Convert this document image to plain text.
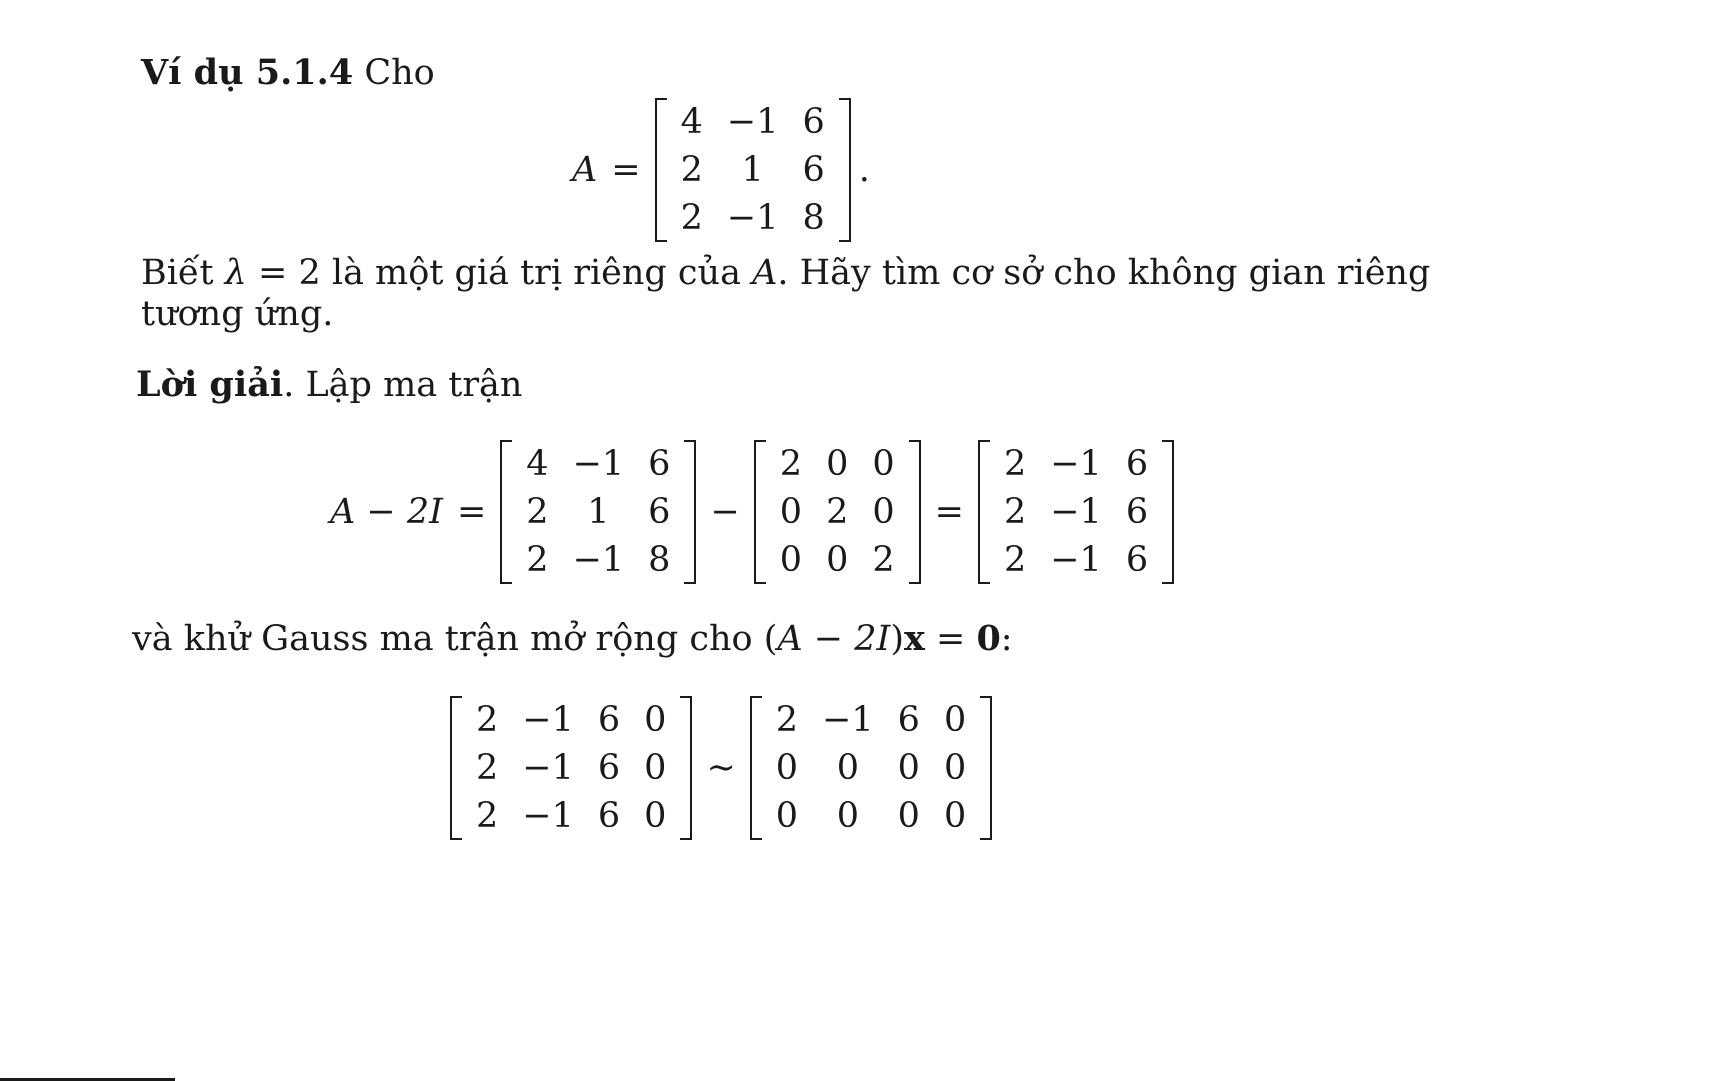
Ví dụ 5.1.4 Cho
A =
4	−1	6
2	1	6
2	−1	8
.
Biết λ = 2 là một giá trị riêng của A. Hãy tìm cơ sở cho không gian riêng
tương ứng.
Lời giải. Lập ma trận
A − 2I =
4	−1	6
2	1	6
2	−1	8
−
2	0	0
0	2	0
0	0	2
=
2	−1	6
2	−1	6
2	−1	6
và khử Gauss ma trận mở rộng cho (A − 2I)x = 0:
2	−1	6	0
2	−1	6	0
2	−1	6	0
∼
2	−1	6	0
0	0	0	0
0	0	0	0
